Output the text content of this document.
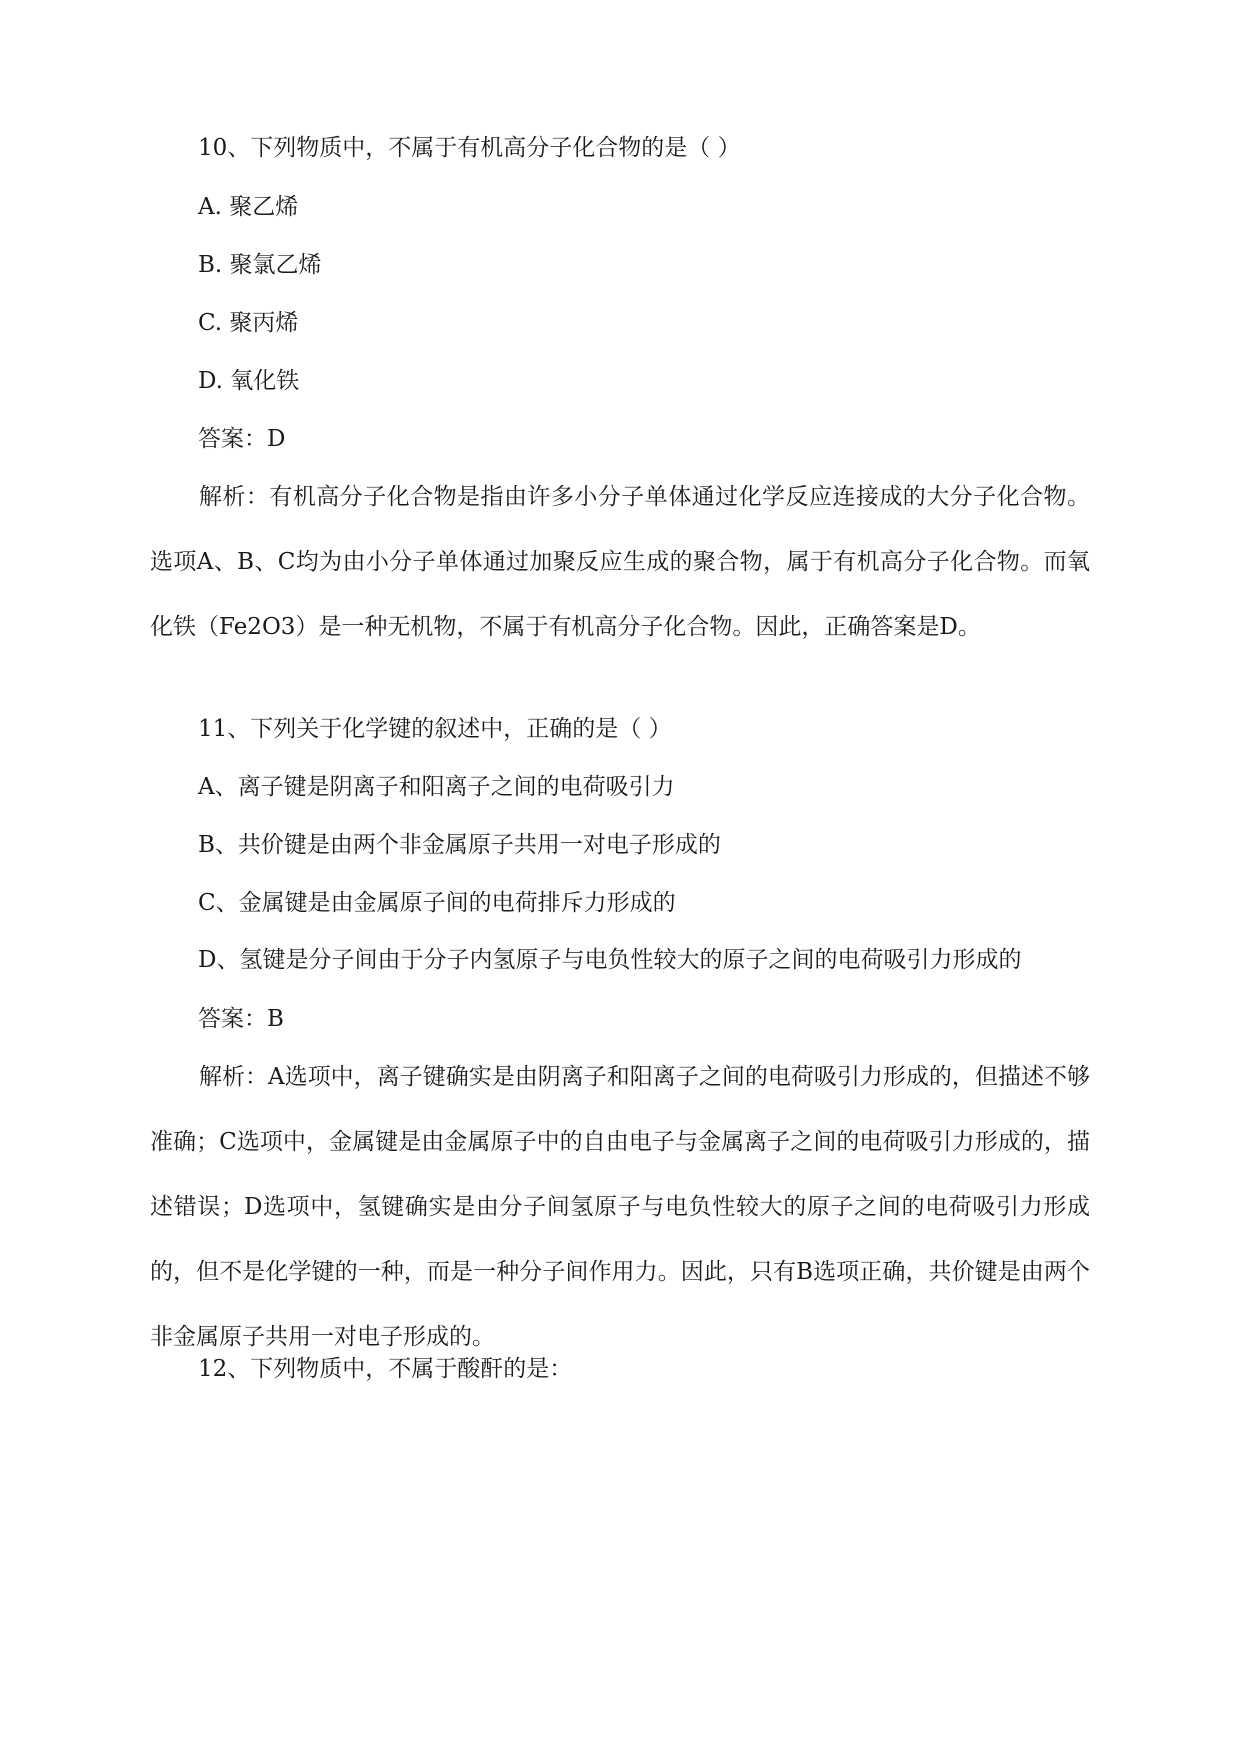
10、下列物质中，不属于有机高分子化合物的是（ ）
A. 聚乙烯
B. 聚氯乙烯
C. 聚丙烯
D. 氧化铁
答案：D
解析：有机高分子化合物是指由许多小分子单体通过化学反应连接成的大分子化合物。选项A、B、C均为由小分子单体通过加聚反应生成的聚合物，属于有机高分子化合物。而氧化铁（Fe2O3）是一种无机物，不属于有机高分子化合物。因此，正确答案是D。
11、下列关于化学键的叙述中，正确的是（ ）
A、离子键是阴离子和阳离子之间的电荷吸引力
B、共价键是由两个非金属原子共用一对电子形成的
C、金属键是由金属原子间的电荷排斥力形成的
D、氢键是分子间由于分子内氢原子与电负性较大的原子之间的电荷吸引力形成的
答案：B
解析：A选项中，离子键确实是由阴离子和阳离子之间的电荷吸引力形成的，但描述不够准确；C选项中，金属键是由金属原子中的自由电子与金属离子之间的电荷吸引力形成的，描述错误；D选项中，氢键确实是由分子间氢原子与电负性较大的原子之间的电荷吸引力形成的，但不是化学键的一种，而是一种分子间作用力。因此，只有B选项正确，共价键是由两个非金属原子共用一对电子形成的。
12、下列物质中，不属于酸酐的是：
